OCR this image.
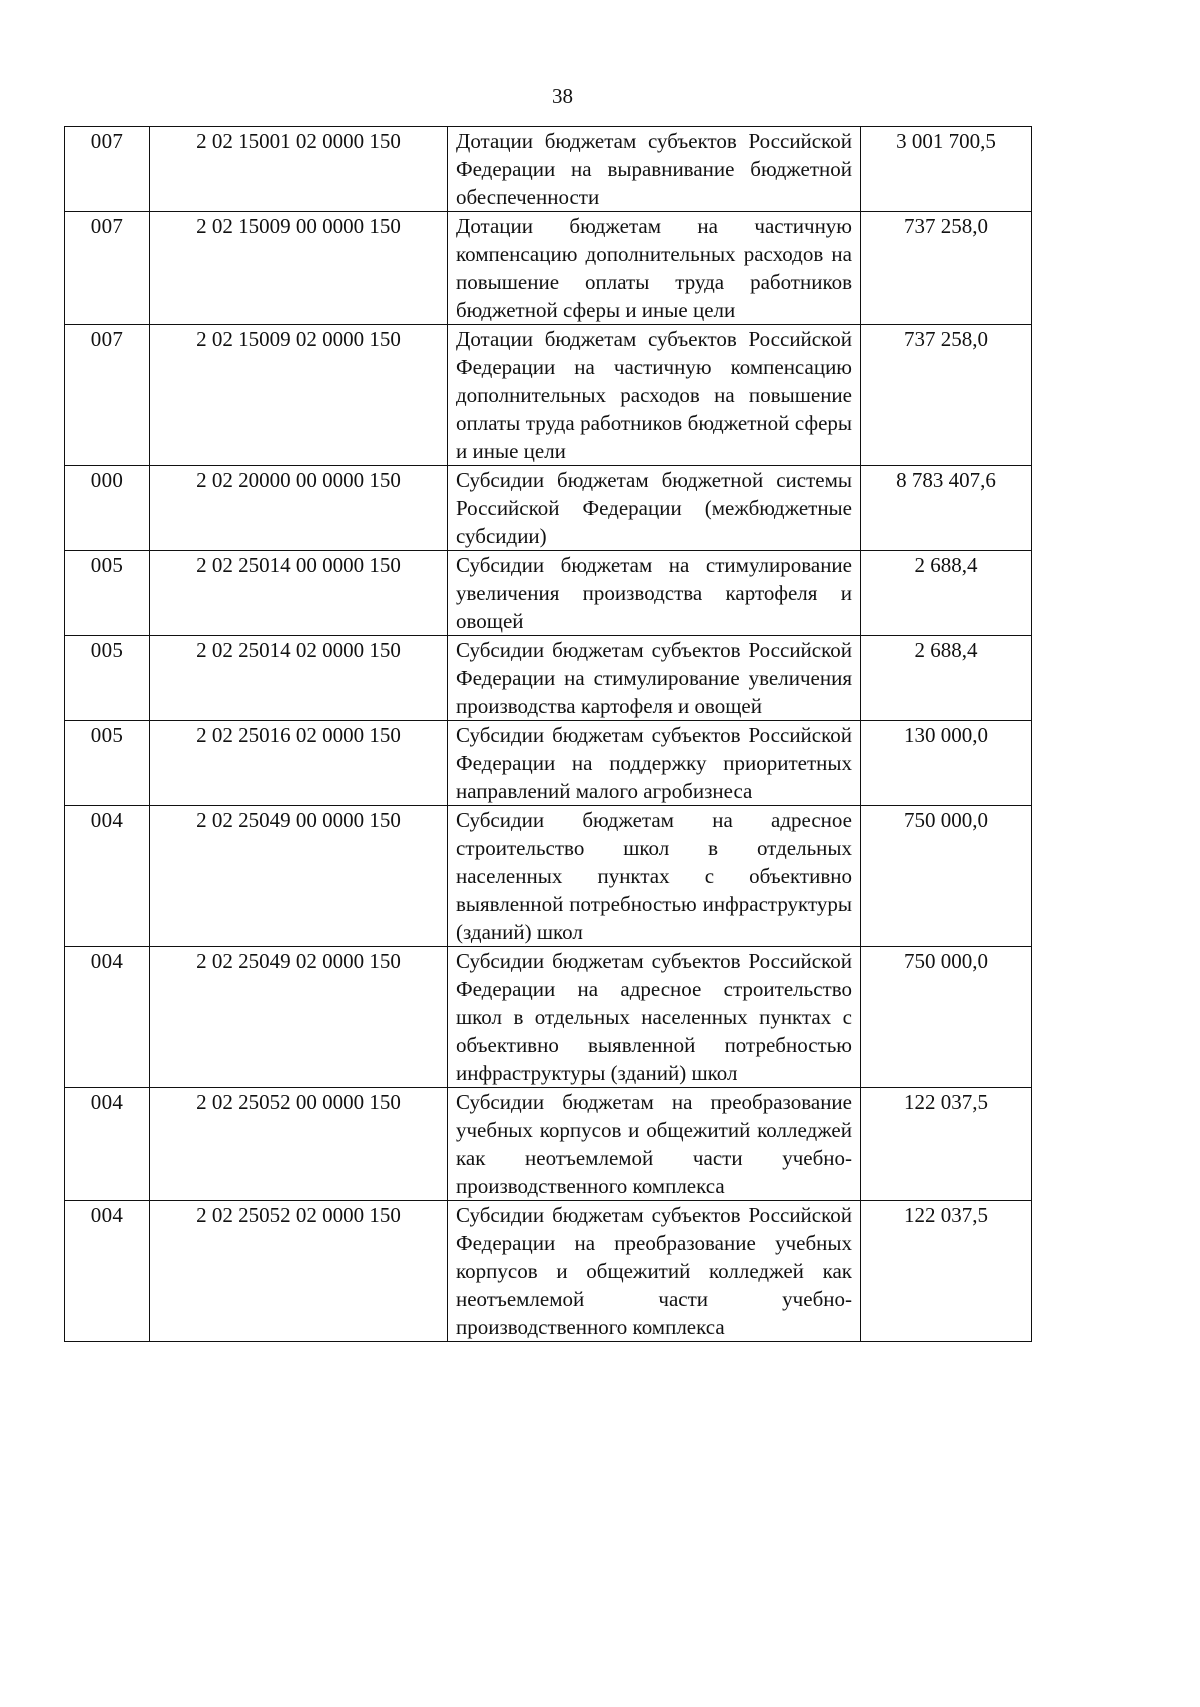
38
007	2 02 15001 02 0000 150	Дотации бюджетам субъектов Российской Федерации на выравнивание бюджетной обеспеченности	3 001 700,5
007	2 02 15009 00 0000 150	Дотации бюджетам на частичную компенсацию дополнительных расходов на повышение оплаты труда работников бюджетной сферы и иные цели	737 258,0
007	2 02 15009 02 0000 150	Дотации бюджетам субъектов Российской Федерации на частичную компенсацию дополнительных расходов на повышение оплаты труда работников бюджетной сферы и иные цели	737 258,0
000	2 02 20000 00 0000 150	Субсидии бюджетам бюджетной системы Российской Федерации (межбюджетные субсидии)	8 783 407,6
005	2 02 25014 00 0000 150	Субсидии бюджетам на стимулирование увеличения производства картофеля и овощей	2 688,4
005	2 02 25014 02 0000 150	Субсидии бюджетам субъектов Российской Федерации на стимулирование увеличения производства картофеля и овощей	2 688,4
005	2 02 25016 02 0000 150	Субсидии бюджетам субъектов Российской Федерации на поддержку приоритетных направлений малого агробизнеса	130 000,0
004	2 02 25049 00 0000 150	Субсидии бюджетам на адресное строительство школ в отдельных населенных пунктах с объективно выявленной потребностью инфраструктуры (зданий) школ	750 000,0
004	2 02 25049 02 0000 150	Субсидии бюджетам субъектов Российской Федерации на адресное строительство школ в отдельных населенных пунктах с объективно выявленной потребностью инфраструктуры (зданий) школ	750 000,0
004	2 02 25052 00 0000 150	Субсидии бюджетам на преобразование учебных корпусов и общежитий колледжей как неотъемлемой части учебно-производственного комплекса	122 037,5
004	2 02 25052 02 0000 150	Субсидии бюджетам субъектов Российской Федерации на преобразование учебных корпусов и общежитий колледжей как неотъемлемой части учебно-производственного комплекса	122 037,5
